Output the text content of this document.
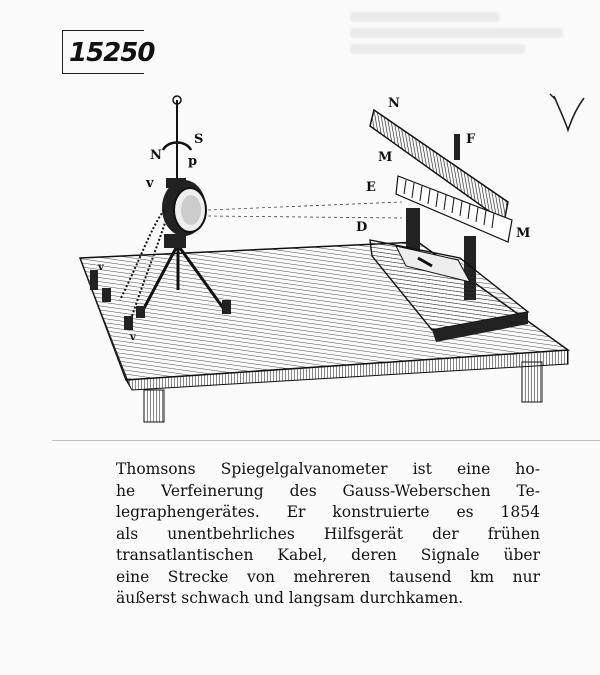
15250
N
S
p
v
N
F
M
E
D	M
v
v
Thomsons Spiegelgalvanometer ist eine ho-
he Verfeinerung des Gauss-Weberschen Te-
legraphengerätes. Er konstruierte es 1854
als unentbehrliches Hilfsgerät der frühen
transatlantischen Kabel, deren Signale über
eine Strecke von mehreren tausend km nur
äußerst schwach und langsam durchkamen.
